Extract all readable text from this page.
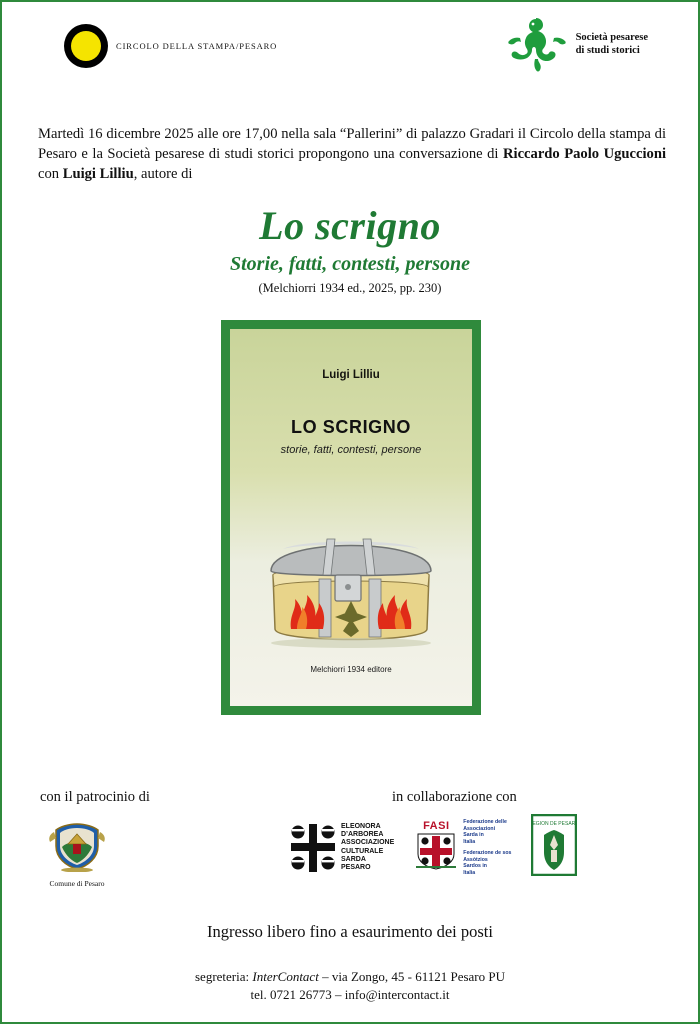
CIRCOLO DELLA STAMPA/PESARO
Società pesarese
di studi storici
Martedì 16 dicembre 2025 alle ore 17,00 nella sala “Pallerini” di palazzo Gradari il Circolo della stampa di Pesaro e la Società pesarese di studi storici propongono una conversazione di Riccardo Paolo Uguccioni con Luigi Lilliu, autore di
Lo scrigno
Storie, fatti, contesti, persone
(Melchiorri 1934 ed., 2025, pp. 230)
Luigi Lilliu
LO SCRIGNO
storie, fatti, contesti, persone
Melchiorri 1934 editore
con il patrocinio di	in collaborazione con
Comune di Pesaro
ELEONORA
D’ARBOREA
ASSOCIAZIONE
CULTURALE
SARDA
PESARO
FASI	Federazione delle
Associazioni
Sarda in
Italia
Federazione de sos
Assòtzios
Sardos in
Italia
REGION DE PESARO
Ingresso libero fino a esaurimento dei posti
segreteria: InterContact – via Zongo, 45 - 61121 Pesaro PU
tel. 0721 26773 – info@intercontact.it
